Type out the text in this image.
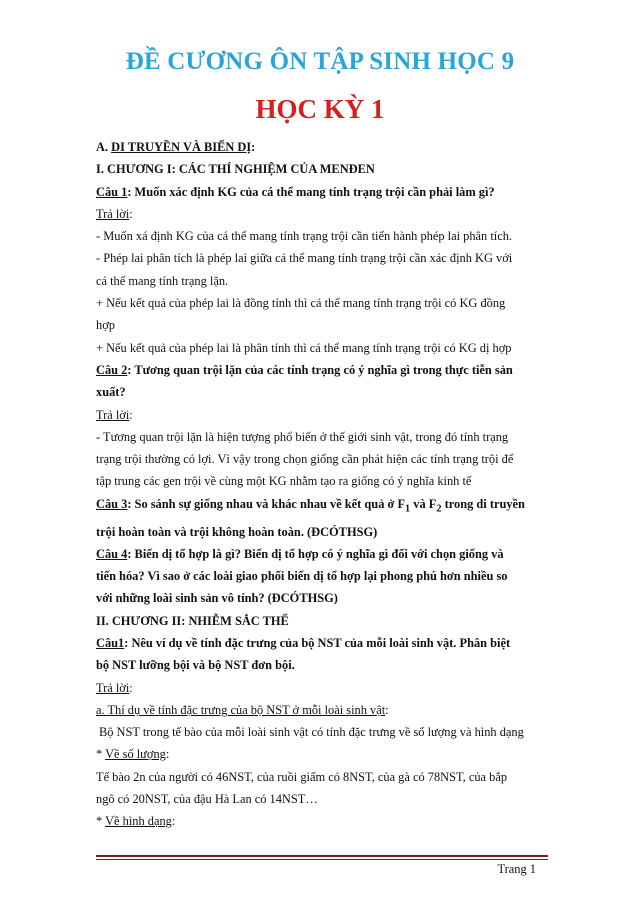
ĐỀ CƯƠNG ÔN TẬP SINH HỌC 9
HỌC KỲ 1

A. DI TRUYỀN VÀ BIẾN DỊ:

I. CHƯƠNG I: CÁC THÍ NGHIỆM CỦA MENĐEN

Câu 1: Muốn xác định KG của cá thể mang tính trạng trội cần phải làm gì?

Trả lời:

- Muốn xá định KG của cá thể mang tính trạng trội cần tiến hành phép lai phân tích.

- Phép lai phân tích là phép lai giữa cá thể mang tính trạng trội cần xác định KG với

cá thể mang tính trạng lặn.

+ Nếu kết quả của phép lai là đồng tính thì cá thể mang tính trạng trội có KG đồng

hợp

+ Nếu kết quả của phép lai là phân tính thì cá thể mang tính trạng trội có KG dị hợp

Câu 2: Tương quan trội lặn của các tính trạng có ý nghĩa gì trong thực tiễn sản

xuất?

Trả lời:

- Tương quan trội lặn là hiện tượng phổ biến ở thế giới sinh vật, trong đó tính trạng

trạng trội thường có lợi. Vì vậy trong chọn giống cần phát hiện các tính trạng trội để

tập trung các gen trội về cùng một KG nhằm tạo ra giống có ý nghĩa kinh tế

Câu 3: So sánh sự giống nhau và khác nhau về kết quả ở $F_1$ và $F_2$ trong di truyền

trội hoàn toàn và trội không hoàn toàn. (ĐCÓTHSG)

Câu 4: Biến dị tổ hợp là gì? Biến dị tổ hợp có ý nghĩa gì đối với chọn giống và

tiến hóa? Vì sao ở các loài giao phối biến dị tổ hợp lại phong phú hơn nhiều so

với những loài sinh sản vô tính? (ĐCÓTHSG)

II. CHƯƠNG II: NHIỄM SẮC THỂ

Câu1: Nêu ví dụ về tính đặc trưng của bộ NST của mỗi loài sinh vật. Phân biệt

bộ NST lưỡng bội và bộ NST đơn bội.

Trả lời:

a. Thí dụ về tính đặc trưng của bộ NST ở mỗi loài sinh vật:

Bộ NST trong tế bào của mỗi loài sinh vật có tính đặc trưng về số lượng và hình dạng

* Về số lượng:

Tế bào 2n của người có 46NST, của ruồi giấm có 8NST, của gà có 78NST, của bắp

ngô có 20NST, của đậu Hà Lan có 14NST…

* Về hình dạng:

Trang 1
